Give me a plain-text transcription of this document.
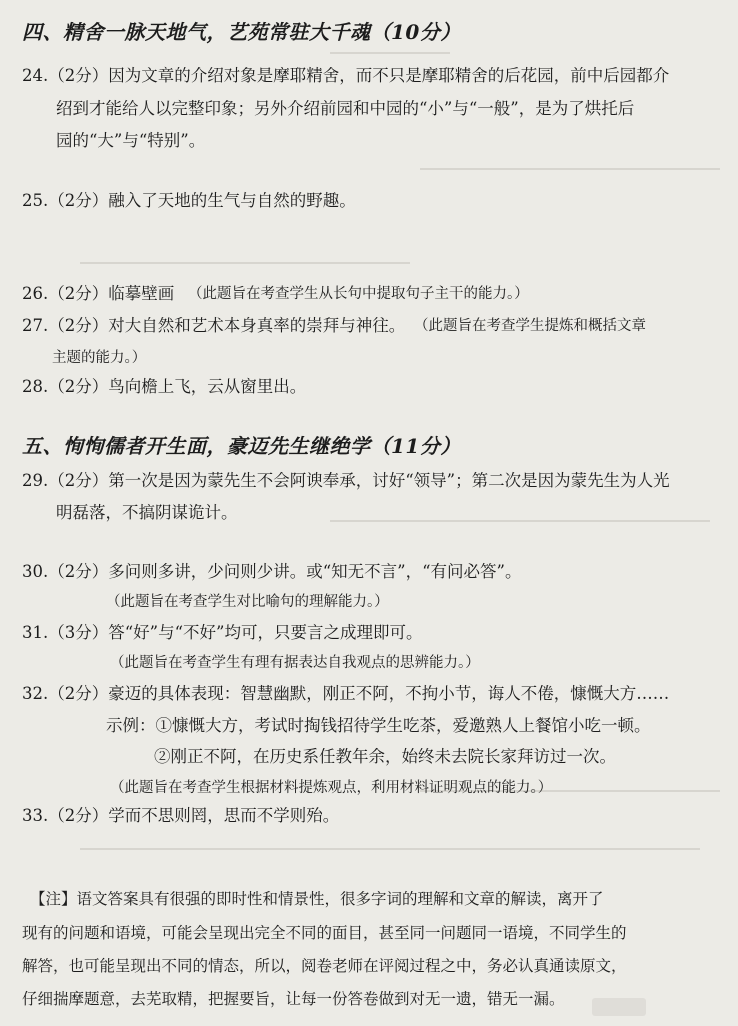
四、精舍一脉天地气，艺苑常驻大千魂（10分）
24.（2分）因为文章的介绍对象是摩耶精舍，而不只是摩耶精舍的后花园，前中后园都介
绍到才能给人以完整印象；另外介绍前园和中园的“小”与“一般”，是为了烘托后
园的“大”与“特别”。
25.（2分）融入了天地的生气与自然的野趣。
26.（2分）临摹壁画 （此题旨在考查学生从长句中提取句子主干的能力。）
27.（2分）对大自然和艺术本身真率的崇拜与神往。 （此题旨在考查学生提炼和概括文章
主题的能力。）
28.（2分）鸟向檐上飞，云从窗里出。
五、恂恂儒者开生面，豪迈先生继绝学（11分）
29.（2分）第一次是因为蒙先生不会阿谀奉承，讨好“领导”；第二次是因为蒙先生为人光
明磊落，不搞阴谋诡计。
30.（2分）多问则多讲，少问则少讲。或“知无不言”，“有问必答”。
（此题旨在考查学生对比喻句的理解能力。）
31.（3分）答“好”与“不好”均可，只要言之成理即可。
（此题旨在考查学生有理有据表达自我观点的思辨能力。）
32.（2分）豪迈的具体表现：智慧幽默，刚正不阿，不拘小节，诲人不倦，慷慨大方……
示例：①慷慨大方，考试时掏钱招待学生吃茶，爱邀熟人上餐馆小吃一顿。
②刚正不阿，在历史系任教年余，始终未去院长家拜访过一次。
（此题旨在考查学生根据材料提炼观点，利用材料证明观点的能力。）
33.（2分）学而不思则罔，思而不学则殆。
【注】语文答案具有很强的即时性和情景性，很多字词的理解和文章的解读，离开了
现有的问题和语境，可能会呈现出完全不同的面目，甚至同一问题同一语境，不同学生的
解答，也可能呈现出不同的情态，所以，阅卷老师在评阅过程之中，务必认真通读原文，
仔细揣摩题意，去芜取精，把握要旨，让每一份答卷做到对无一遗，错无一漏。
